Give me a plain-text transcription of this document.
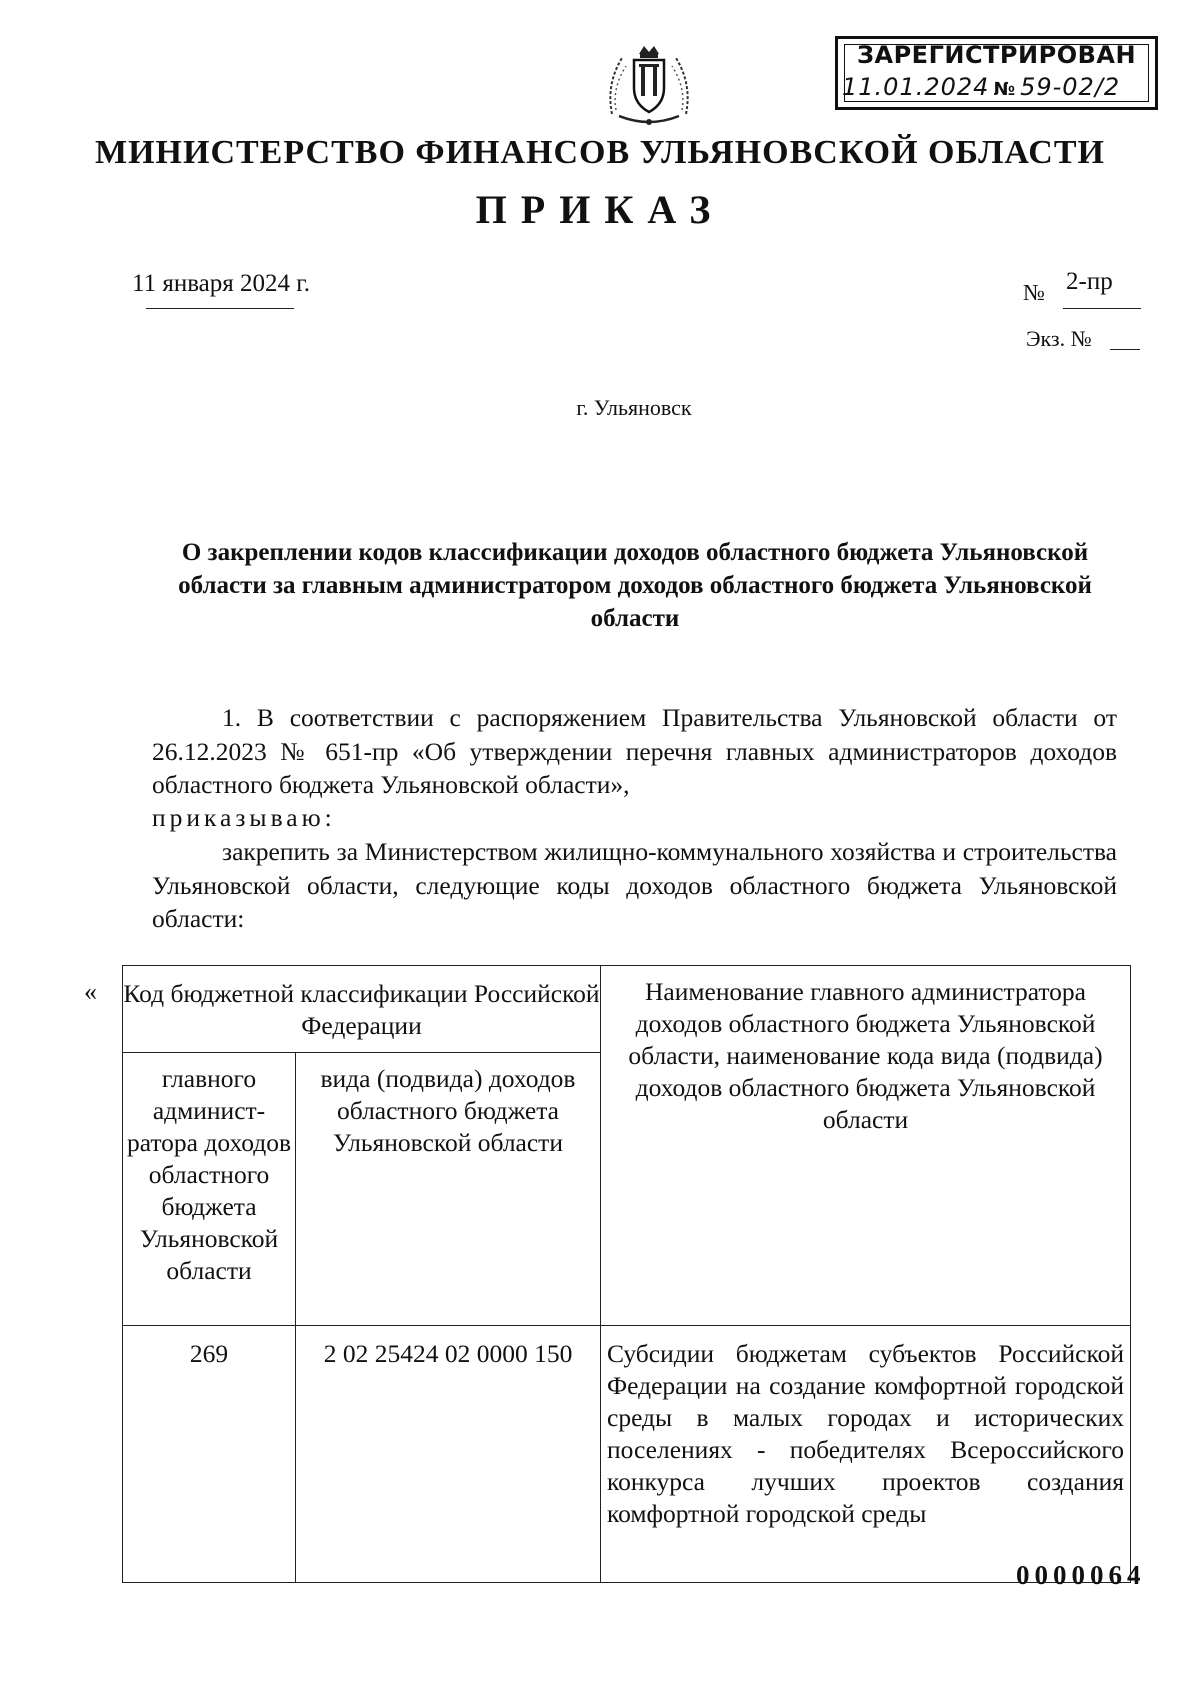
ЗАРЕГИСТРИРОВАН
11.01.2024 № 59-02/2
МИНИСТЕРСТВО ФИНАНСОВ УЛЬЯНОВСКОЙ ОБЛАСТИ
ПРИКАЗ
11 января 2024 г.	№ 2-пр
Экз. №
г. Ульяновск
О закреплении кодов классификации доходов областного бюджета Ульяновской области за главным администратором доходов областного бюджета Ульяновской области
1. В соответствии с распоряжением Правительства Ульяновской области от 26.12.2023 № 651-пр «Об утверждении перечня главных администраторов доходов областного бюджета Ульяновской области»,
приказываю:
закрепить за Министерством жилищно-коммунального хозяйства и строительства Ульяновской области, следующие коды доходов областного бюджета Ульяновской области:
« Код бюджетной классификации Российской Федерации		Наименование главного администратора доходов областного бюджета Ульяновской области, наименование кода вида (подвида) доходов областного бюджета Ульяновской области
главного админист-ратора доходов областного бюджета Ульяновской области	вида (подвида) доходов областного бюджета Ульяновской области	
269	2 02 25424 02 0000 150	Субсидии бюджетам субъектов Российской Федерации на создание комфортной городской среды в малых городах и исторических поселениях - победителях Всероссийского конкурса лучших проектов создания комфортной городской среды
0000064
